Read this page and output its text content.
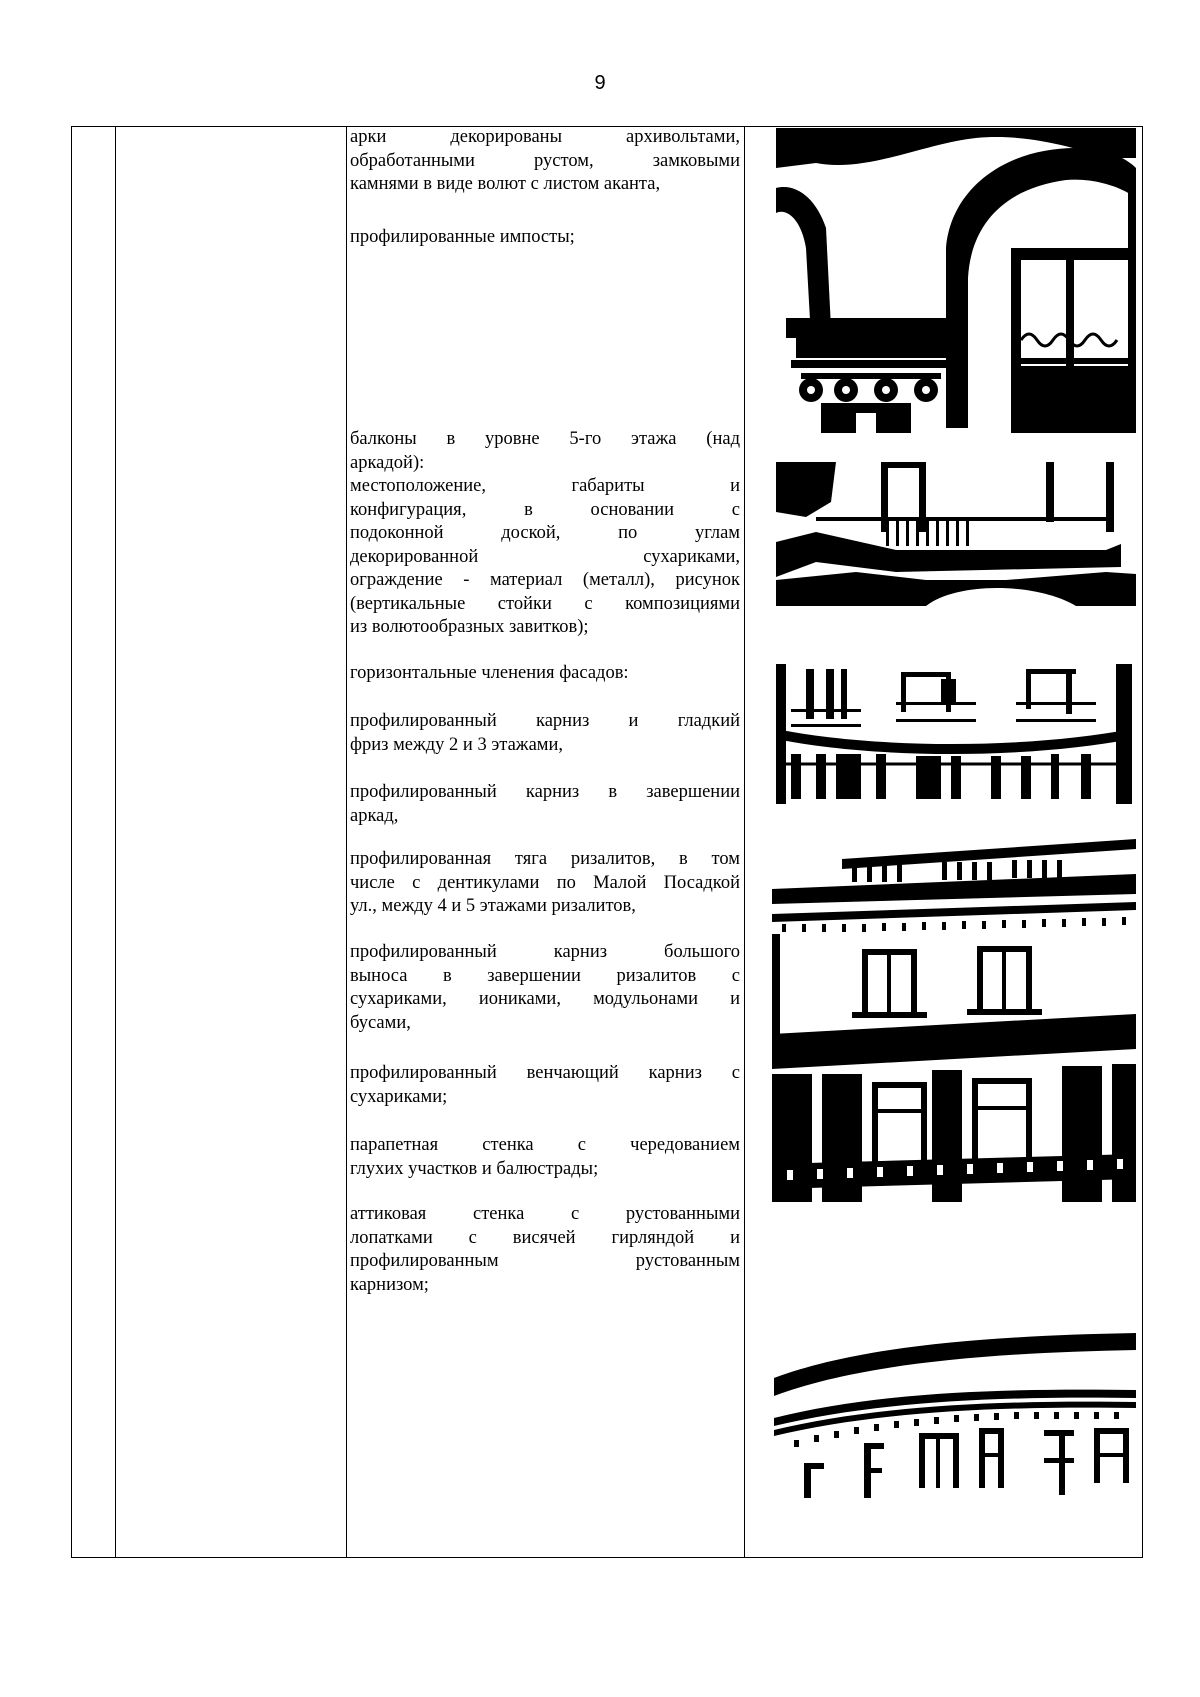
9
арки декорированы архивольтами,
обработанными рустом, замковыми
камнями в виде волют с листом аканта,
профилированные импосты;
балконы в уровне 5-го этажа (над
аркадой):
местоположение, габариты и
конфигурация, в основании с
подоконной доской, по углам
декорированной сухариками,
ограждение - материал (металл), рисунок
(вертикальные стойки с композициями
из волютообразных завитков);
горизонтальные членения фасадов:
профилированный карниз и гладкий
фриз между 2 и 3 этажами,
профилированный карниз в завершении
аркад,
профилированная тяга ризалитов, в том
числе с дентикулами по Малой Посадкой
ул., между 4 и 5 этажами ризалитов,
профилированный карниз большого
выноса в завершении ризалитов с
сухариками, иониками, модульонами и
бусами,
профилированный венчающий карниз с
сухариками;
парапетная стенка с чередованием
глухих участков и балюстрады;
аттиковая стенка с рустованными
лопатками с висячей гирляндой и
профилированным рустованным
карнизом;
